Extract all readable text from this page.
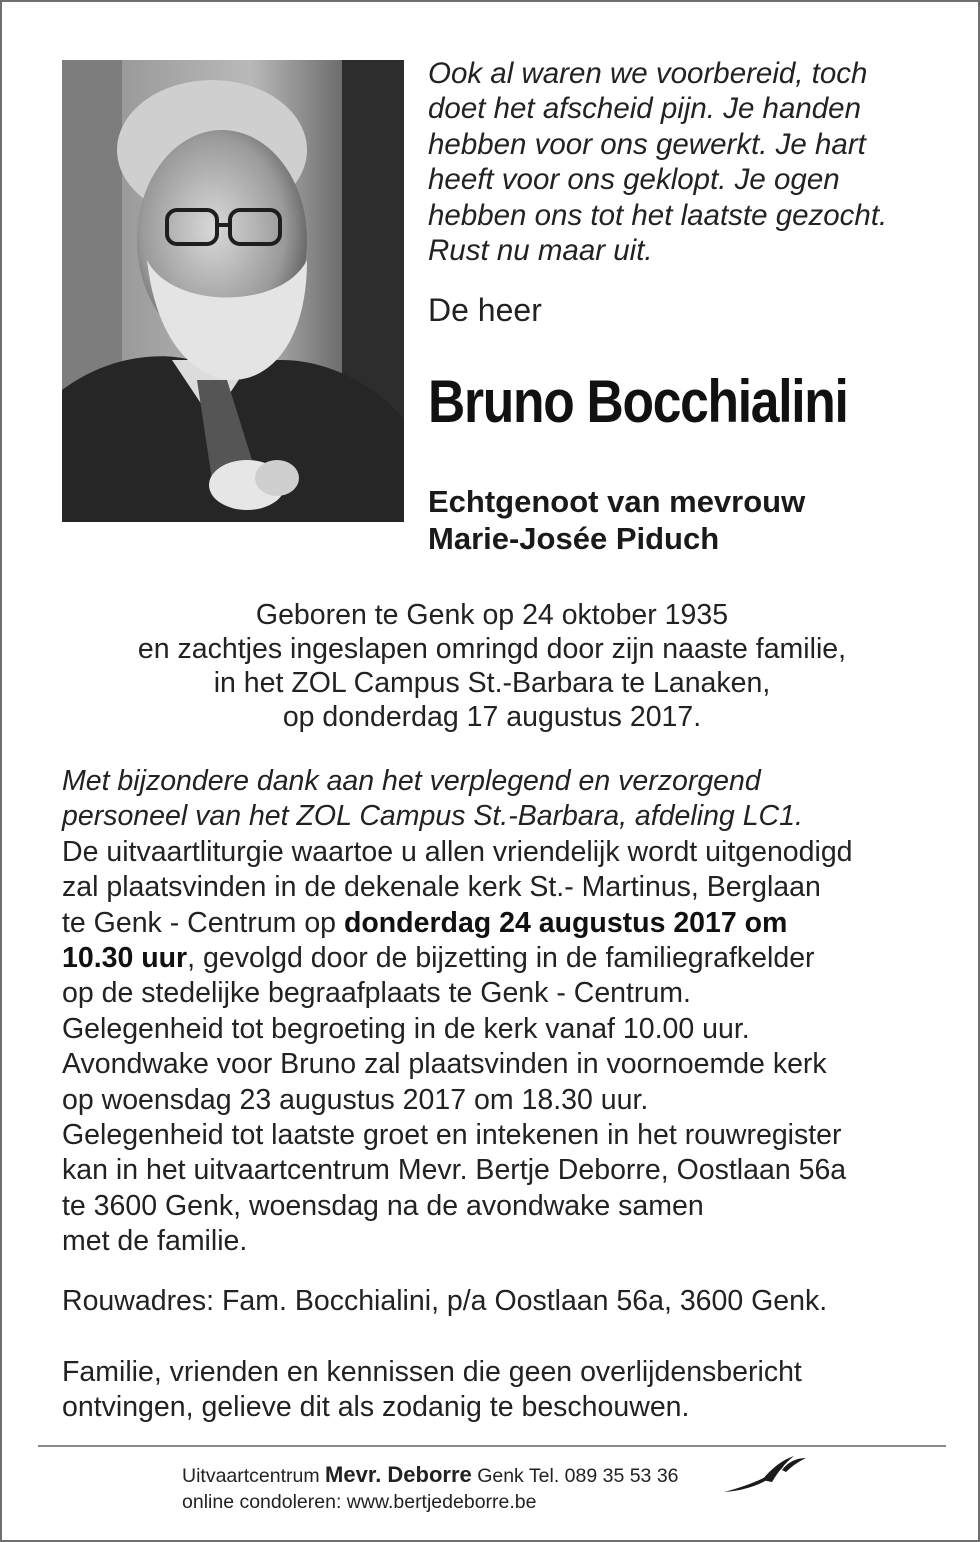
Ook al waren we voorbereid, toch
doet het afscheid pijn. Je handen
hebben voor ons gewerkt. Je hart
heeft voor ons geklopt. Je ogen
hebben ons tot het laatste gezocht.
Rust nu maar uit.
De heer
Bruno Bocchialini
Echtgenoot van mevrouw
Marie-Josée Piduch
Geboren te Genk op 24 oktober 1935
en zachtjes ingeslapen omringd door zijn naaste familie,
in het ZOL Campus St.-Barbara te Lanaken,
op donderdag 17 augustus 2017.
Met bijzondere dank aan het verplegend en verzorgend
personeel van het ZOL Campus St.-Barbara, afdeling LC1.
De uitvaartliturgie waartoe u allen vriendelijk wordt uitgenodigd
zal plaatsvinden in de dekenale kerk St.- Martinus, Berglaan
te Genk - Centrum op donderdag 24 augustus 2017 om
10.30 uur, gevolgd door de bijzetting in de familiegrafkelder
op de stedelijke begraafplaats te Genk - Centrum.
Gelegenheid tot begroeting in de kerk vanaf 10.00 uur.
Avondwake voor Bruno zal plaatsvinden in voornoemde kerk
op woensdag 23 augustus 2017 om 18.30 uur.
Gelegenheid tot laatste groet en intekenen in het rouwregister
kan in het uitvaartcentrum Mevr. Bertje Deborre, Oostlaan 56a
te 3600 Genk, woensdag na de avondwake samen
met de familie.
Rouwadres: Fam. Bocchialini, p/a Oostlaan 56a, 3600 Genk.
Familie, vrienden en kennissen die geen overlijdensbericht
ontvingen, gelieve dit als zodanig te beschouwen.
Uitvaartcentrum Mevr. Deborre Genk Tel. 089 35 53 36
online condoleren: www.bertjedeborre.be
